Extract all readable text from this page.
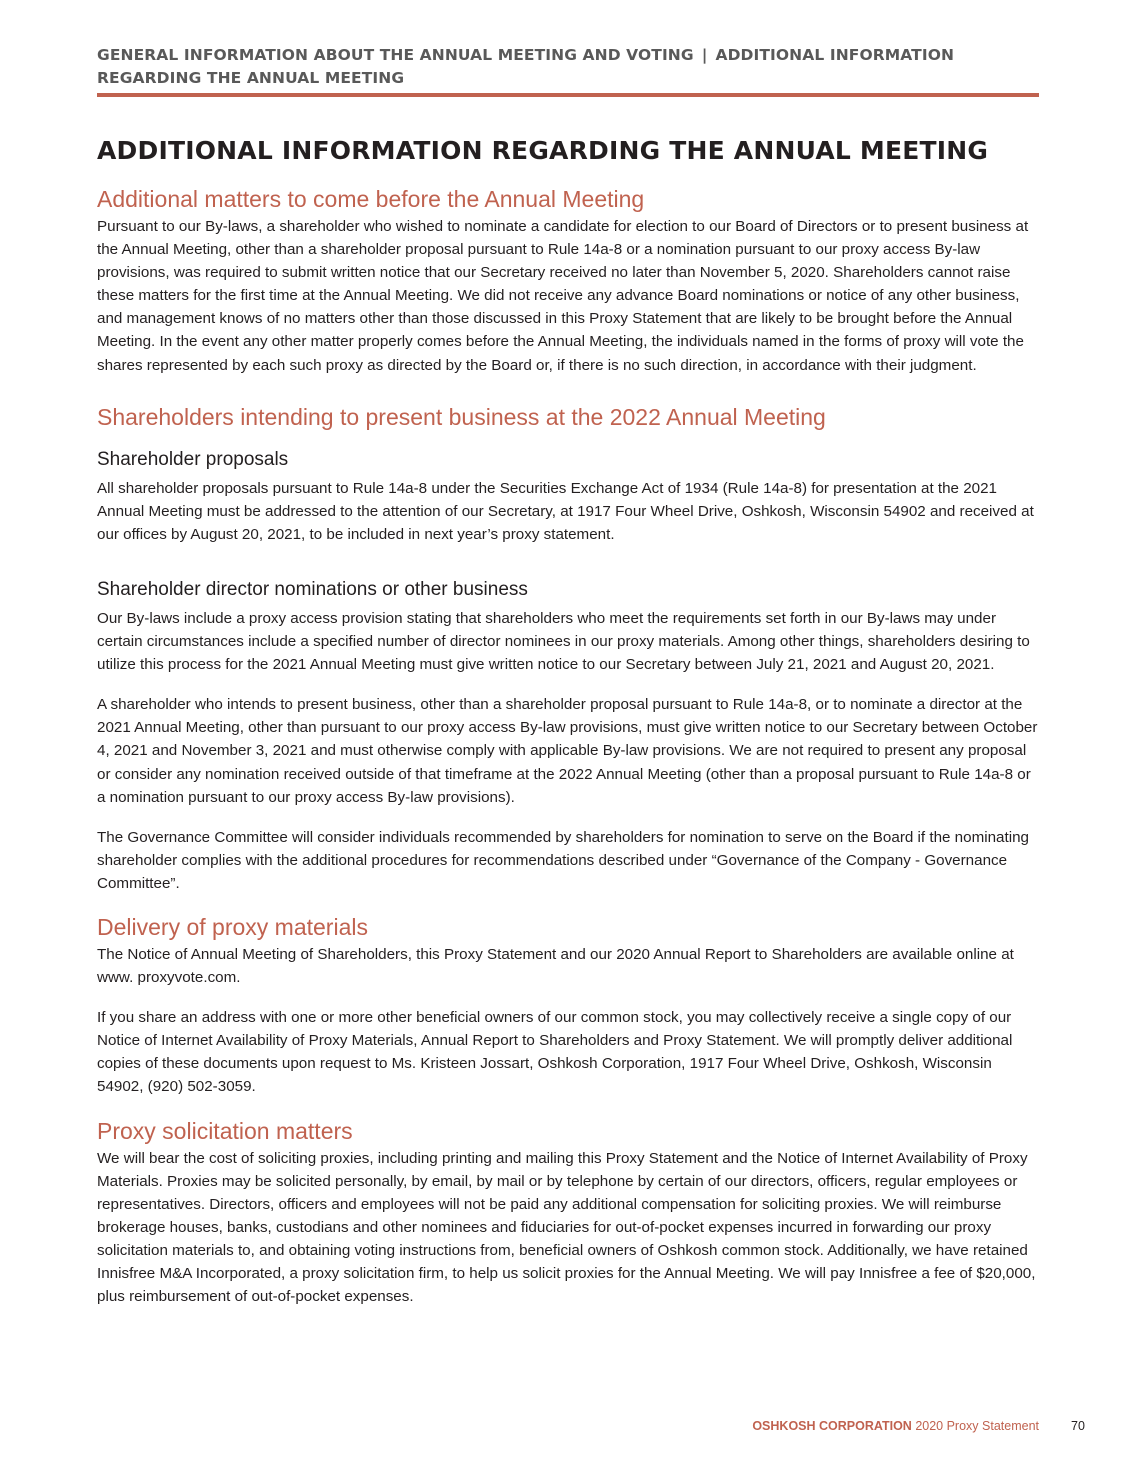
GENERAL INFORMATION ABOUT THE ANNUAL MEETING AND VOTING | ADDITIONAL INFORMATION REGARDING THE ANNUAL MEETING
ADDITIONAL INFORMATION REGARDING THE ANNUAL MEETING
Additional matters to come before the Annual Meeting

Pursuant to our By-laws, a shareholder who wished to nominate a candidate for election to our Board of Directors or to present business at the Annual Meeting, other than a shareholder proposal pursuant to Rule 14a-8 or a nomination pursuant to our proxy access By-law provisions, was required to submit written notice that our Secretary received no later than November 5, 2020. Shareholders cannot raise these matters for the first time at the Annual Meeting. We did not receive any advance Board nominations or notice of any other business, and management knows of no matters other than those discussed in this Proxy Statement that are likely to be brought before the Annual Meeting. In the event any other matter properly comes before the Annual Meeting, the individuals named in the forms of proxy will vote the shares represented by each such proxy as directed by the Board or, if there is no such direction, in accordance with their judgment.

Shareholders intending to present business at the 2022 Annual Meeting
Shareholder proposals

All shareholder proposals pursuant to Rule 14a-8 under the Securities Exchange Act of 1934 (Rule 14a-8) for presentation at the 2021 Annual Meeting must be addressed to the attention of our Secretary, at 1917 Four Wheel Drive, Oshkosh, Wisconsin 54902 and received at our offices by August 20, 2021, to be included in next year’s proxy statement.

Shareholder director nominations or other business

Our By-laws include a proxy access provision stating that shareholders who meet the requirements set forth in our By-laws may under certain circumstances include a specified number of director nominees in our proxy materials. Among other things, shareholders desiring to utilize this process for the 2021 Annual Meeting must give written notice to our Secretary between July 21, 2021 and August 20, 2021.

A shareholder who intends to present business, other than a shareholder proposal pursuant to Rule 14a-8, or to nominate a director at the 2021 Annual Meeting, other than pursuant to our proxy access By-law provisions, must give written notice to our Secretary between October 4, 2021 and November 3, 2021 and must otherwise comply with applicable By-law provisions. We are not required to present any proposal or consider any nomination received outside of that timeframe at the 2022 Annual Meeting (other than a proposal pursuant to Rule 14a-8 or a nomination pursuant to our proxy access By-law provisions).

The Governance Committee will consider individuals recommended by shareholders for nomination to serve on the Board if the nominating shareholder complies with the additional procedures for recommendations described under “Governance of the Company - Governance Committee”.

Delivery of proxy materials

The Notice of Annual Meeting of Shareholders, this Proxy Statement and our 2020 Annual Report to Shareholders are available online at www. proxyvote.com.

If you share an address with one or more other beneficial owners of our common stock, you may collectively receive a single copy of our Notice of Internet Availability of Proxy Materials, Annual Report to Shareholders and Proxy Statement. We will promptly deliver additional copies of these documents upon request to Ms. Kristeen Jossart, Oshkosh Corporation, 1917 Four Wheel Drive, Oshkosh, Wisconsin 54902, (920) 502-3059.

Proxy solicitation matters

We will bear the cost of soliciting proxies, including printing and mailing this Proxy Statement and the Notice of Internet Availability of Proxy Materials. Proxies may be solicited personally, by email, by mail or by telephone by certain of our directors, officers, regular employees or representatives. Directors, officers and employees will not be paid any additional compensation for soliciting proxies. We will reimburse brokerage houses, banks, custodians and other nominees and fiduciaries for out-of-pocket expenses incurred in forwarding our proxy solicitation materials to, and obtaining voting instructions from, beneficial owners of Oshkosh common stock. Additionally, we have retained Innisfree M&A Incorporated, a proxy solicitation firm, to help us solicit proxies for the Annual Meeting. We will pay Innisfree a fee of $20,000, plus reimbursement of out-of-pocket expenses.

OSHKOSH CORPORATION 2020 Proxy Statement	70
